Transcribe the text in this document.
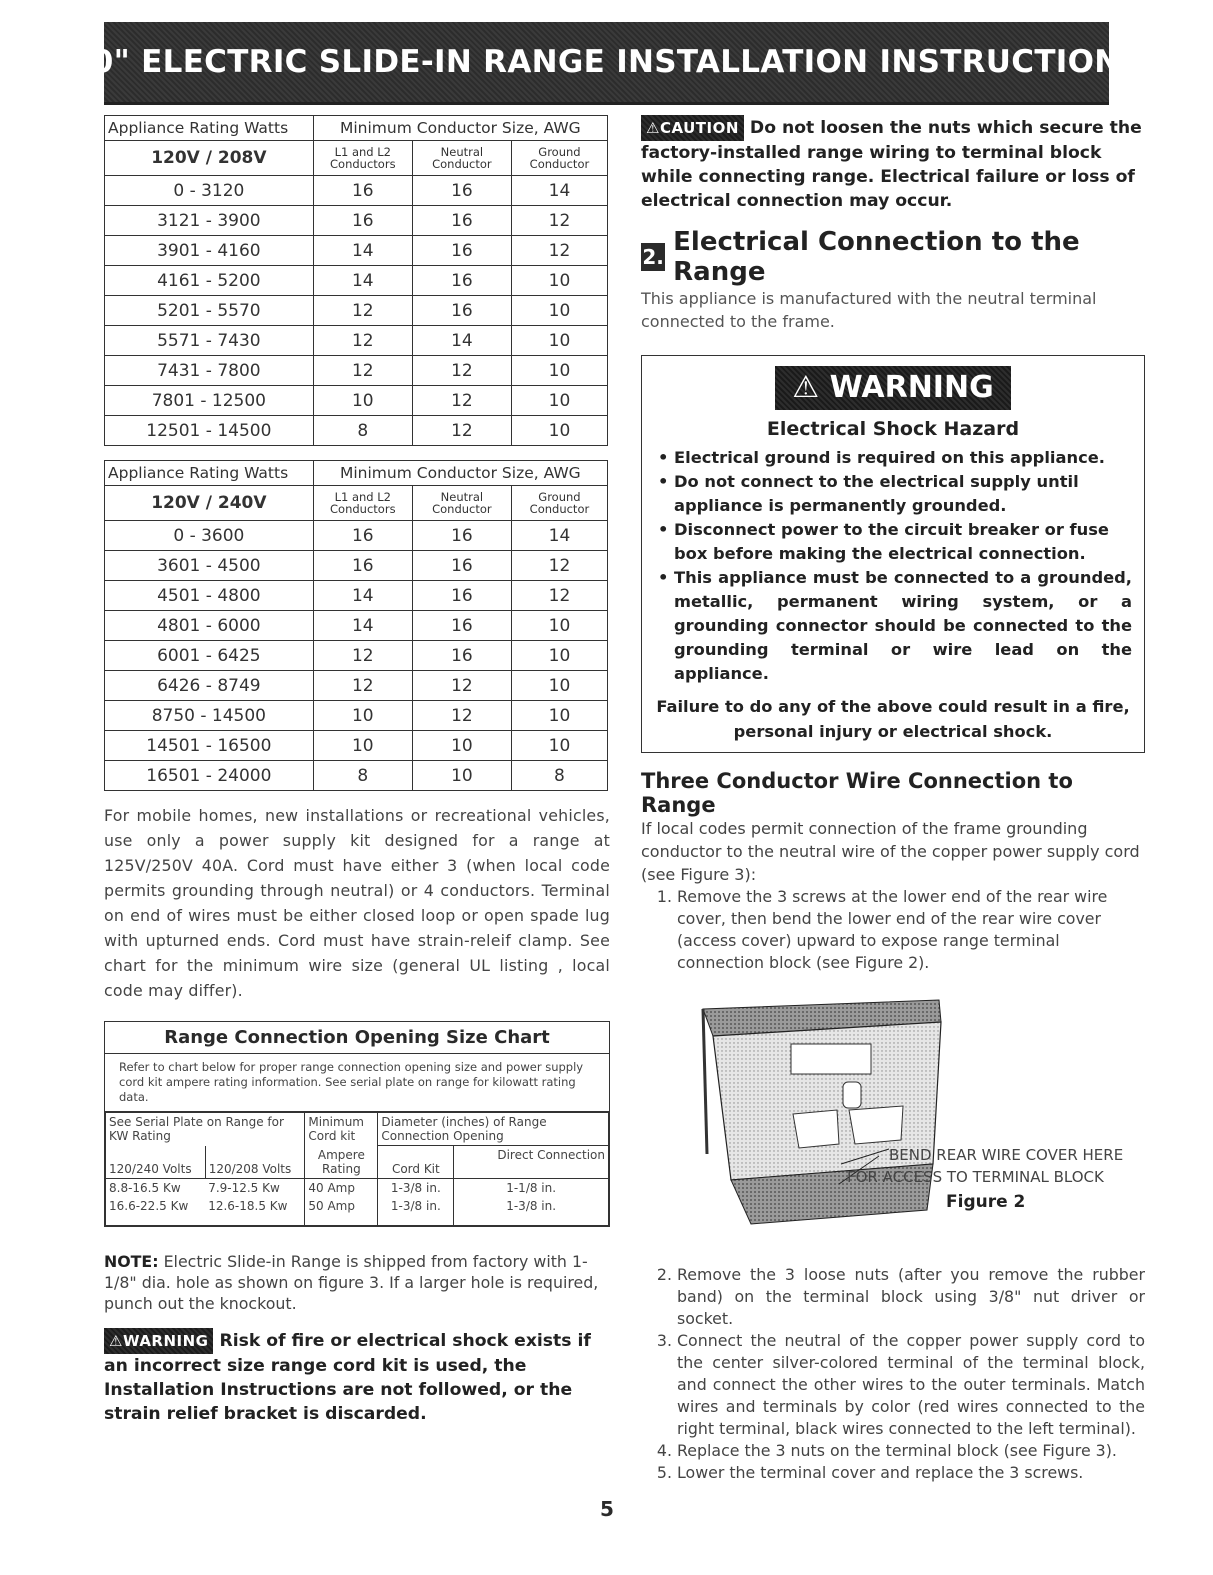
30" ELECTRIC SLIDE-IN RANGE INSTALLATION INSTRUCTIONS
Appliance Rating Watts	Minimum Conductor Size, AWG		
120V / 208V	L1 and L2 Conductors	Neutral Conductor	Ground Conductor
0 - 3120	16	16	14
3121 - 3900	16	16	12
3901 - 4160	14	16	12
4161 - 5200	14	16	10
5201 - 5570	12	16	10
5571 - 7430	12	14	10
7431 - 7800	12	12	10
7801 - 12500	10	12	10
12501 - 14500	8	12	10
Appliance Rating Watts	Minimum Conductor Size, AWG		
120V / 240V	L1 and L2 Conductors	Neutral Conductor	Ground Conductor
0 - 3600	16	16	14
3601 - 4500	16	16	12
4501 - 4800	14	16	12
4801 - 6000	14	16	10
6001 - 6425	12	16	10
6426 - 8749	12	12	10
8750 - 14500	10	12	10
14501 - 16500	10	10	10
16501 - 24000	8	10	8

For mobile homes, new installations or recreational vehicles, use only a power supply kit designed for a range at 125V/250V 40A. Cord must have either 3 (when local code permits grounding through neutral) or 4 conductors. Terminal on end of wires must be either closed loop or open spade lug with upturned ends. Cord must have strain-releif clamp. See chart for the minimum wire size (general UL listing , local code may differ).

Range Connection Opening Size Chart
Refer to chart below for proper range connection opening size and power supply cord kit ampere rating information. See serial plate on range for kilowatt rating data.
See Serial Plate on Range for KW Rating		Minimum Cord kit	Diameter (inches) of Range Connection Opening	
120/240 Volts	120/208 Volts	Ampere Rating	Cord Kit	Direct Connection
8.8-16.5 Kw	7.9-12.5 Kw	40 Amp	1-3/8 in.	1-1/8 in.
16.6-22.5 Kw	12.6-18.5 Kw	50 Amp	1-3/8 in.	1-3/8 in.

NOTE: Electric Slide-in Range is shipped from factory with 1-1/8" dia. hole as shown on figure 3. If a larger hole is required, punch out the knockout.

⚠WARNING Risk of fire or electrical shock exists if an incorrect size range cord kit is used, the Installation Instructions are not followed, or the strain relief bracket is discarded.

⚠CAUTION Do not loosen the nuts which secure the factory-installed range wiring to terminal block while connecting range. Electrical failure or loss of electrical connection may occur.

2. Electrical Connection to the Range

This appliance is manufactured with the neutral terminal connected to the frame.

⚠ WARNING
Electrical Shock Hazard
• Electrical ground is required on this appliance.
• Do not connect to the electrical supply until appliance is permanently grounded.
• Disconnect power to the circuit breaker or fuse box before making the electrical connection.
• This appliance must be connected to a grounded, metallic, permanent wiring system, or a grounding connector should be connected to the grounding terminal or wire lead on the appliance.
Failure to do any of the above could result in a fire, personal injury or electrical shock.
Three Conductor Wire Connection to Range

If local codes permit connection of the frame grounding conductor to the neutral wire of the copper power supply cord (see Figure 3):

1. Remove the 3 screws at the lower end of the rear wire cover, then bend the lower end of the rear wire cover (access cover) upward to expose range terminal connection block (see Figure 2).
BEND REAR WIRE COVER HERE
FOR ACCESS TO TERMINAL BLOCK
Figure 2
2. Remove the 3 loose nuts (after you remove the rubber band) on the terminal block using 3/8" nut driver or socket.
3. Connect the neutral of the copper power supply cord to the center silver-colored terminal of the terminal block, and connect the other wires to the outer terminals. Match wires and terminals by color (red wires connected to the right terminal, black wires connected to the left terminal).
4. Replace the 3 nuts on the terminal block (see Figure 3).
5. Lower the terminal cover and replace the 3 screws.
5
